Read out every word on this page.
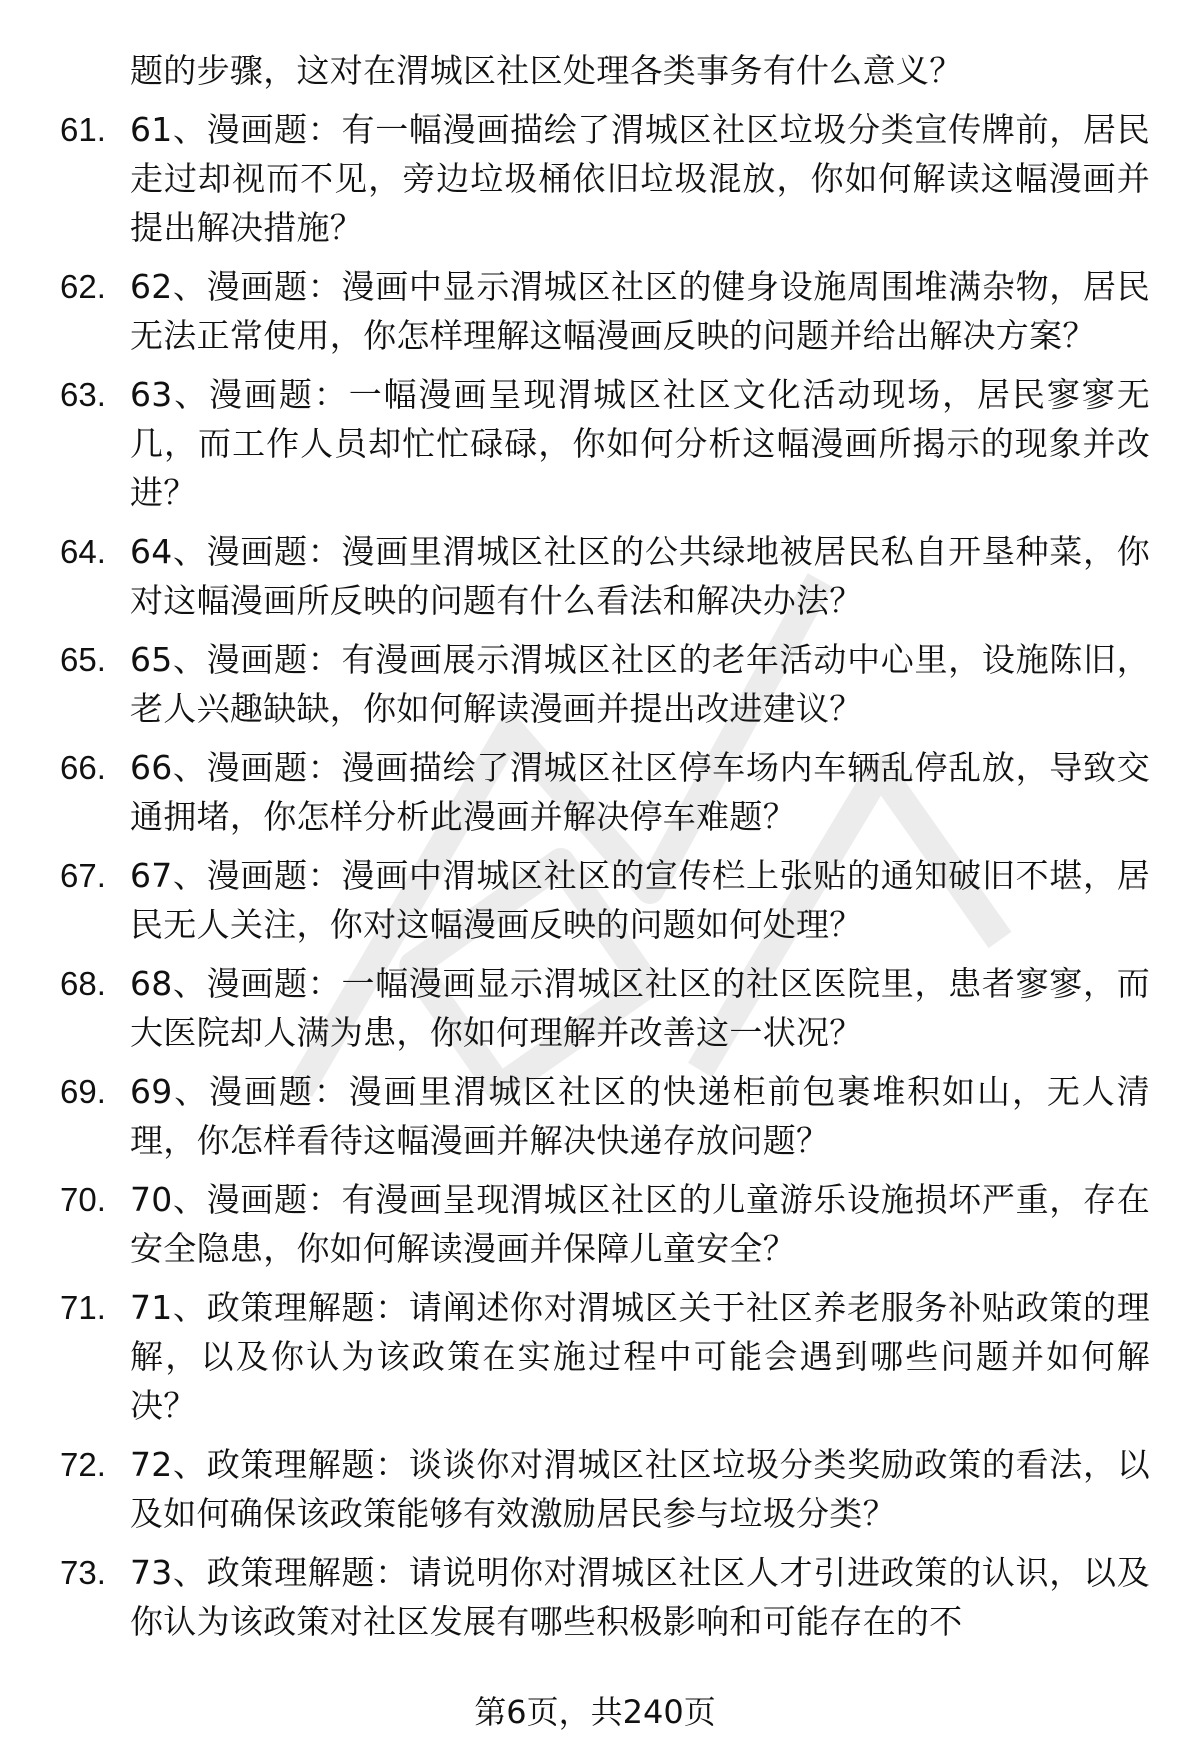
题的步骤，这对在渭城区社区处理各类事务有什么意义？

61. 61、漫画题：有一幅漫画描绘了渭城区社区垃圾分类宣传牌前，居民走过却视而不见，旁边垃圾桶依旧垃圾混放，你如何解读这幅漫画并提出解决措施？
62. 62、漫画题：漫画中显示渭城区社区的健身设施周围堆满杂物，居民无法正常使用，你怎样理解这幅漫画反映的问题并给出解决方案？
63. 63、漫画题：一幅漫画呈现渭城区社区文化活动现场，居民寥寥无几，而工作人员却忙忙碌碌，你如何分析这幅漫画所揭示的现象并改进？
64. 64、漫画题：漫画里渭城区社区的公共绿地被居民私自开垦种菜，你对这幅漫画所反映的问题有什么看法和解决办法？
65. 65、漫画题：有漫画展示渭城区社区的老年活动中心里，设施陈旧，老人兴趣缺缺，你如何解读漫画并提出改进建议？
66. 66、漫画题：漫画描绘了渭城区社区停车场内车辆乱停乱放，导致交通拥堵，你怎样分析此漫画并解决停车难题？
67. 67、漫画题：漫画中渭城区社区的宣传栏上张贴的通知破旧不堪，居民无人关注，你对这幅漫画反映的问题如何处理？
68. 68、漫画题：一幅漫画显示渭城区社区的社区医院里，患者寥寥，而大医院却人满为患，你如何理解并改善这一状况？
69. 69、漫画题：漫画里渭城区社区的快递柜前包裹堆积如山，无人清理，你怎样看待这幅漫画并解决快递存放问题？
70. 70、漫画题：有漫画呈现渭城区社区的儿童游乐设施损坏严重，存在安全隐患，你如何解读漫画并保障儿童安全？
71. 71、政策理解题：请阐述你对渭城区关于社区养老服务补贴政策的理解，以及你认为该政策在实施过程中可能会遇到哪些问题并如何解决？
72. 72、政策理解题：谈谈你对渭城区社区垃圾分类奖励政策的看法，以及如何确保该政策能够有效激励居民参与垃圾分类？
73. 73、政策理解题：请说明你对渭城区社区人才引进政策的认识，以及你认为该政策对社区发展有哪些积极影响和可能存在的不
第6页，共240页
